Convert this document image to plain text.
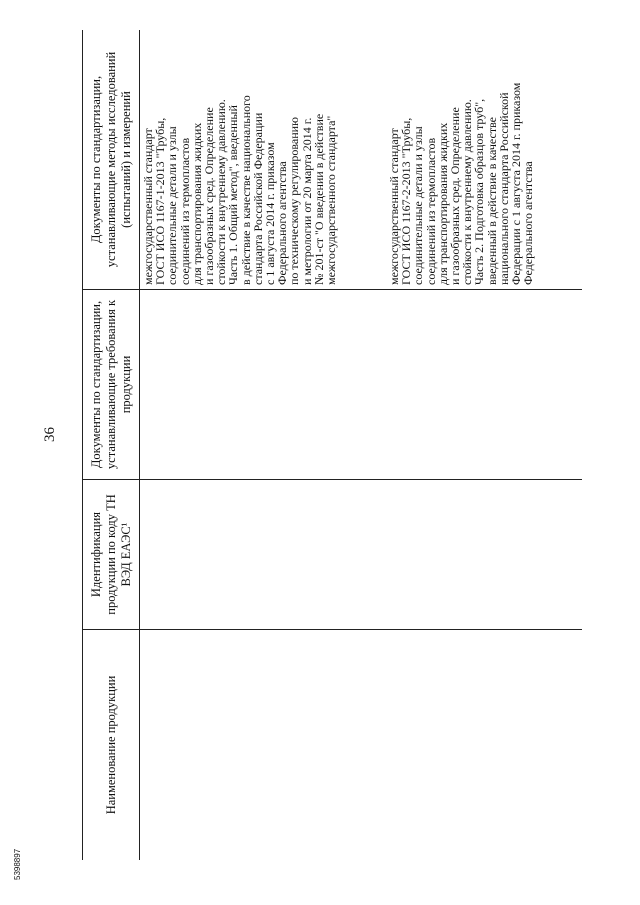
36
5398897
Наименование продукции
Идентификация продукции по коду ТН ВЭД ЕАЭС¹
Документы по стандартизации, устанавливающие требования к продукции
Документы по стандартизации, устанавливающие методы исследований (испытаний) и измерений межгосударственный стандарт
ГОСТ ИСО 1167-1-2013 "Трубы,
соединительные детали и узлы
соединений из термопластов
для транспортирования жидких
и газообразных сред. Определение
стойкости к внутреннему давлению.
Часть 1. Общий метод", введенный
в действие в качестве национального
стандарта Российской Федерации
с 1 августа 2014 г. приказом
Федерального агентства
по техническому регулированию
и метрологии от 20 марта 2014 г.
№ 201-ст "О введении в действие
межгосударственного стандарта"	межгосударственный стандарт
ГОСТ ИСО 1167-2-2013 "Трубы,
соединительные детали и узлы
соединений из термопластов
для транспортирования жидких
и газообразных сред. Определение
стойкости к внутреннему давлению.
Часть 2. Подготовка образцов труб",
введенный в действие в качестве
национального стандарта Российской
Федерации с 1 августа 2014 г. приказом
Федерального агентства
